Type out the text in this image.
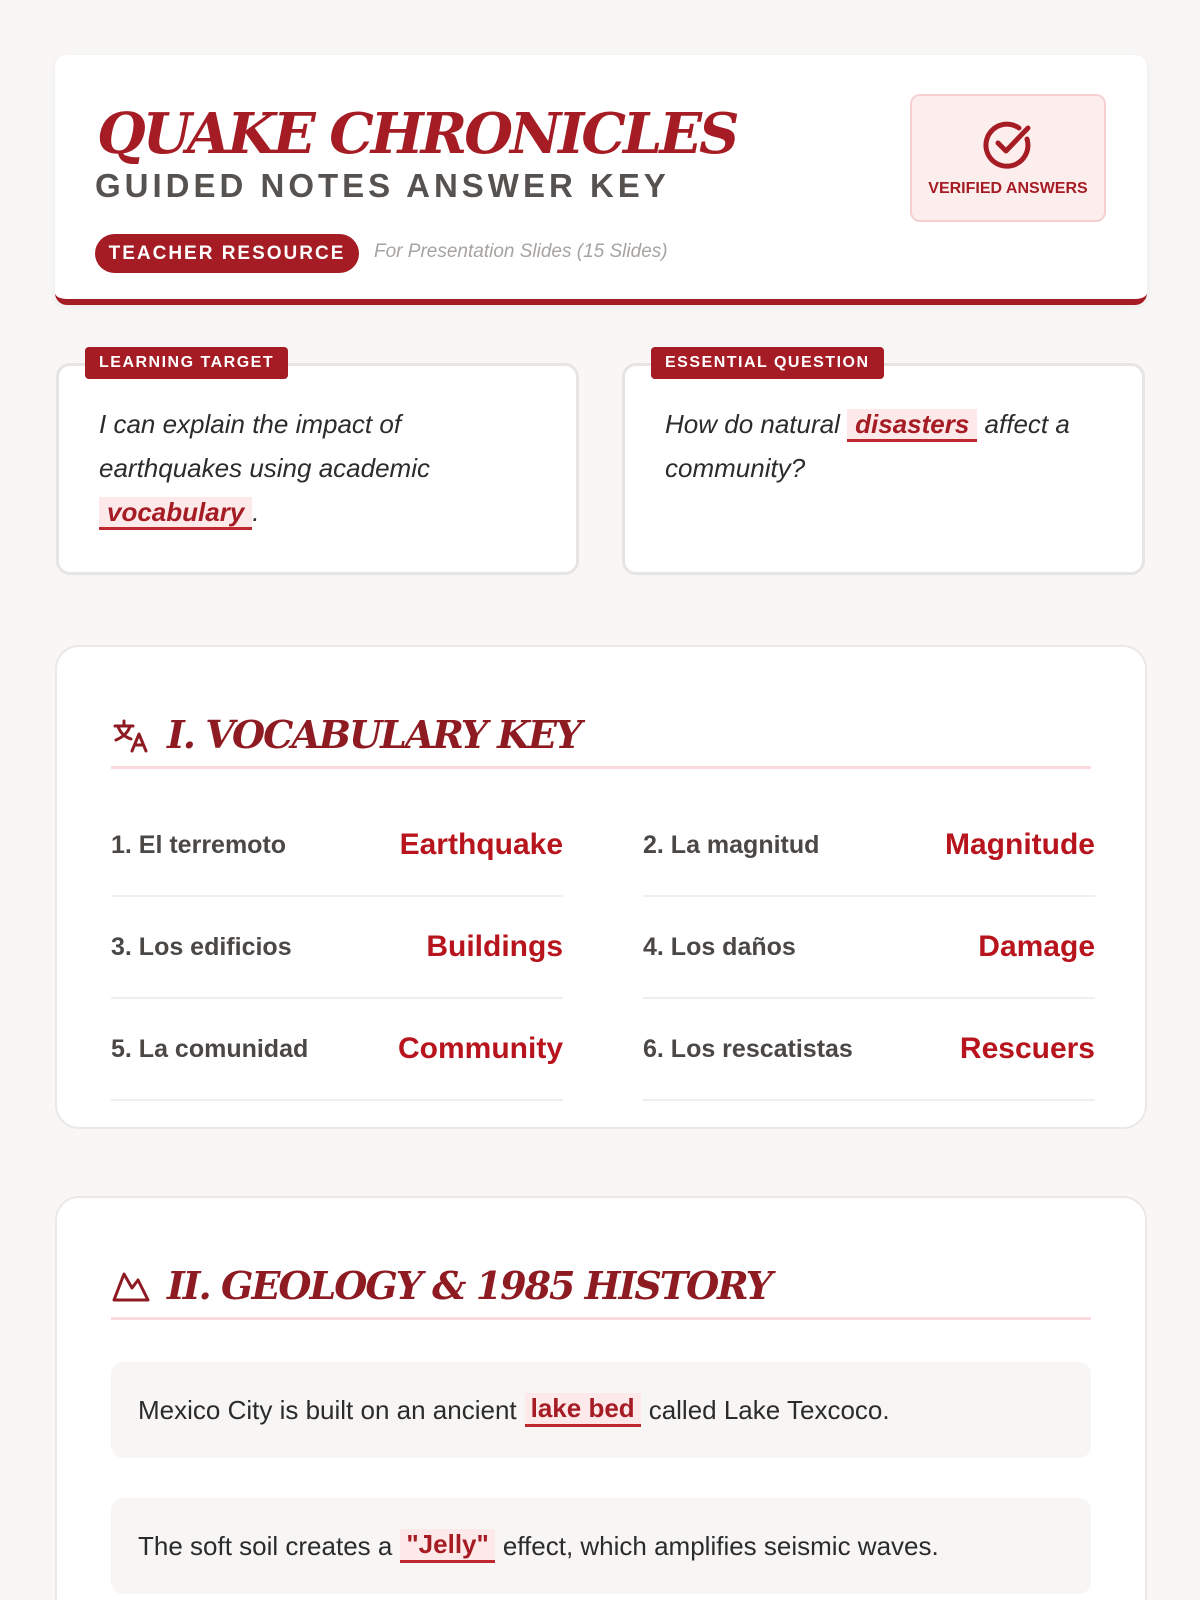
QUAKE CHRONICLES
GUIDED NOTES ANSWER KEY
TEACHER RESOURCE	For Presentation Slides (15 Slides)
VERIFIED ANSWERS
LEARNING TARGET
I can explain the impact of earthquakes using academic vocabulary .
ESSENTIAL QUESTION
How do natural disasters affect a community?
I. VOCABULARY KEY
1. El terremoto	Earthquake	2. La magnitud	Magnitude
3. Los edificios	Buildings	4. Los daños	Damage
5. La comunidad	Community	6. Los rescatistas	Rescuers
II. GEOLOGY & 1985 HISTORY
Mexico City is built on an ancient lake bed called Lake Texcoco.
The soft soil creates a "Jelly" effect, which amplifies seismic waves.
